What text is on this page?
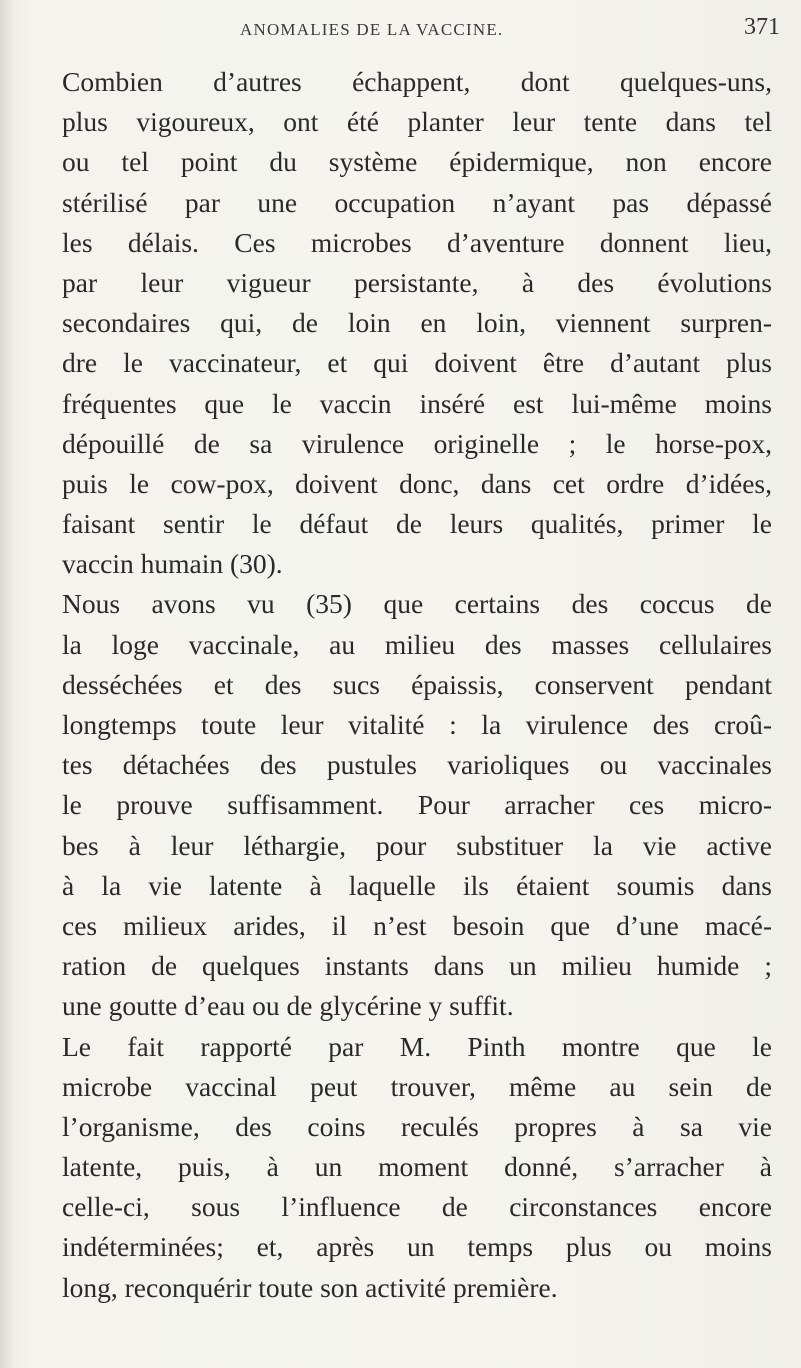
ANOMALIES DE LA VACCINE.	371
Combien d’autres échappent, dont quelques-uns,
plus vigoureux, ont été planter leur tente dans tel
ou tel point du système épidermique, non encore
stérilisé par une occupation n’ayant pas dépassé
les délais. Ces microbes d’aventure donnent lieu,
par leur vigueur persistante, à des évolutions
secondaires qui, de loin en loin, viennent surpren-
dre le vaccinateur, et qui doivent être d’autant plus
fréquentes que le vaccin inséré est lui-même moins
dépouillé de sa virulence originelle ; le horse-pox,
puis le cow-pox, doivent donc, dans cet ordre d’idées,
faisant sentir le défaut de leurs qualités, primer le
vaccin humain (30).
Nous avons vu (35) que certains des coccus de
la loge vaccinale, au milieu des masses cellulaires
desséchées et des sucs épaissis, conservent pendant
longtemps toute leur vitalité : la virulence des croû-
tes détachées des pustules varioliques ou vaccinales
le prouve suffisamment. Pour arracher ces micro-
bes à leur léthargie, pour substituer la vie active
à la vie latente à laquelle ils étaient soumis dans
ces milieux arides, il n’est besoin que d’une macé-
ration de quelques instants dans un milieu humide ;
une goutte d’eau ou de glycérine y suffit.
Le fait rapporté par M. Pinth montre que le
microbe vaccinal peut trouver, même au sein de
l’organisme, des coins reculés propres à sa vie
latente, puis, à un moment donné, s’arracher à
celle-ci, sous l’influence de circonstances encore
indéterminées; et, après un temps plus ou moins
long, reconquérir toute son activité première.
